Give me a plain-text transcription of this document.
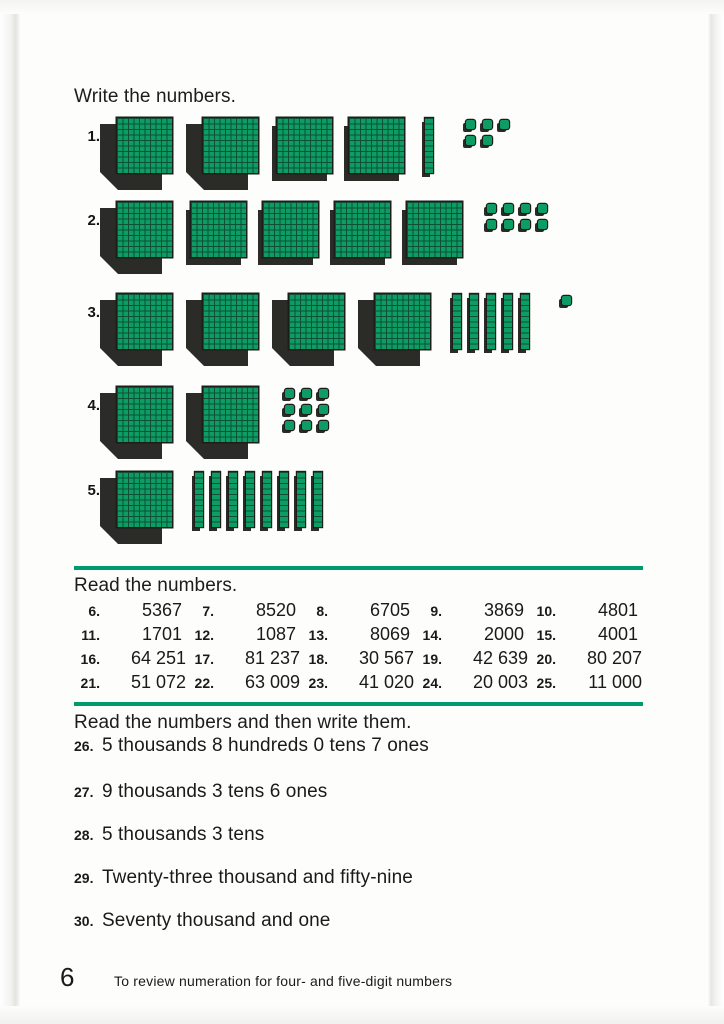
Write the numbers.
1.
2.
3.
4.
5.
Read the numbers.
6.	5367	7.	8520	8.	6705	9.	3869 10.	4801
11.	1701 12.	1087 13.	8069 14.	2000 15.	4001
16.	64 251 17.	81 237 18.	30 567 19.	42 639 20.	80 207
21.	51 072 22.	63 009 23.	41 020 24.	20 003 25.	11 000
Read the numbers and then write them.
26. 5 thousands 8 hundreds 0 tens 7 ones
27. 9 thousands 3 tens 6 ones
28. 5 thousands 3 tens
29. Twenty-three thousand and fifty-nine
30. Seventy thousand and one
6	To review numeration for four- and five-digit numbers
